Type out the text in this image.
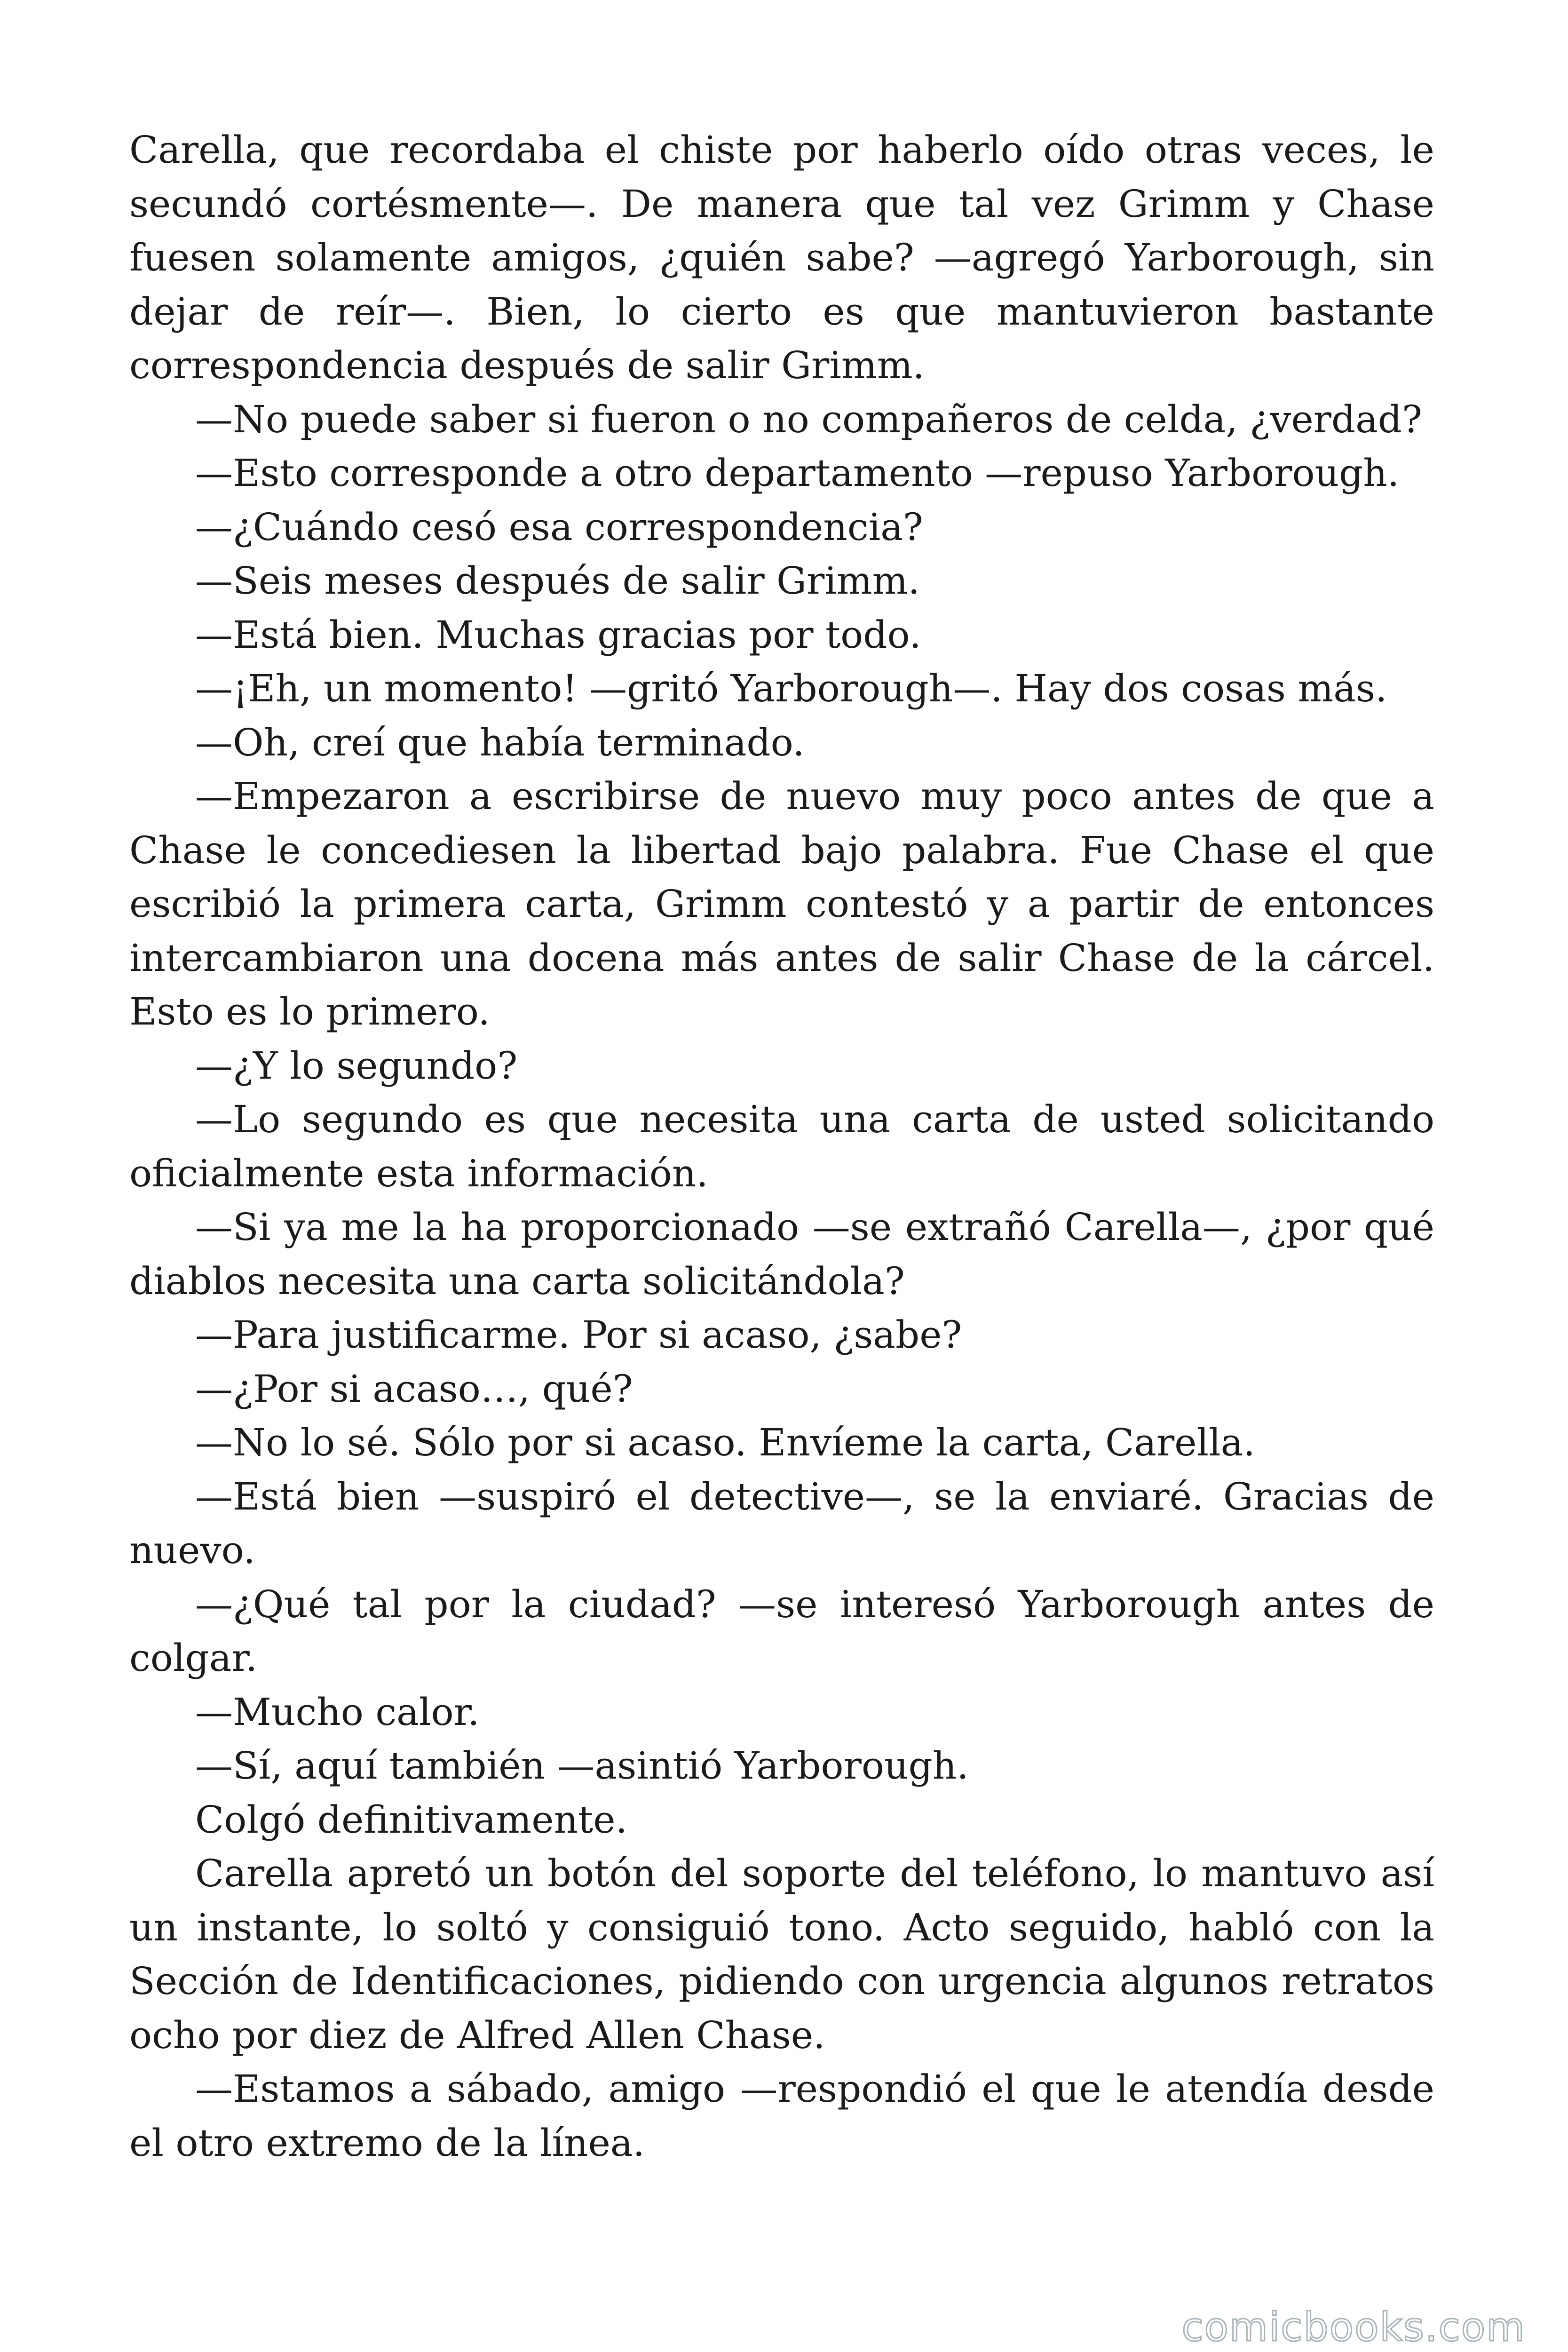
Carella, que recordaba el chiste por haberlo oído otras veces, le secundó cortésmente—. De manera que tal vez Grimm y Chase fuesen solamente amigos, ¿quién sabe? —agregó Yarborough, sin dejar de reír—. Bien, lo cierto es que mantuvieron bastante correspondencia después de salir Grimm.

—No puede saber si fueron o no compañeros de celda, ¿verdad?

—Esto corresponde a otro departamento —repuso Yarborough.

—¿Cuándo cesó esa correspondencia?

—Seis meses después de salir Grimm.

—Está bien. Muchas gracias por todo.

—¡Eh, un momento! —gritó Yarborough—. Hay dos cosas más.

—Oh, creí que había terminado.

—Empezaron a escribirse de nuevo muy poco antes de que a Chase le concediesen la libertad bajo palabra. Fue Chase el que escribió la primera carta, Grimm contestó y a partir de entonces intercambiaron una docena más antes de salir Chase de la cárcel. Esto es lo primero.

—¿Y lo segundo?

—Lo segundo es que necesita una carta de usted solicitando oficialmente esta información.

—Si ya me la ha proporcionado —se extrañó Carella—, ¿por qué diablos necesita una carta solicitándola?

—Para justificarme. Por si acaso, ¿sabe?

—¿Por si acaso…, qué?

—No lo sé. Sólo por si acaso. Envíeme la carta, Carella.

—Está bien —suspiró el detective—, se la enviaré. Gracias de nuevo.

—¿Qué tal por la ciudad? —se interesó Yarborough antes de colgar.

—Mucho calor.

—Sí, aquí también —asintió Yarborough.

Colgó definitivamente.

Carella apretó un botón del soporte del teléfono, lo mantuvo así un instante, lo soltó y consiguió tono. Acto seguido, habló con la Sección de Identificaciones, pidiendo con urgencia algunos retratos ocho por diez de Alfred Allen Chase.

—Estamos a sábado, amigo —respondió el que le atendía desde el otro extremo de la línea.

comicbooks.com
